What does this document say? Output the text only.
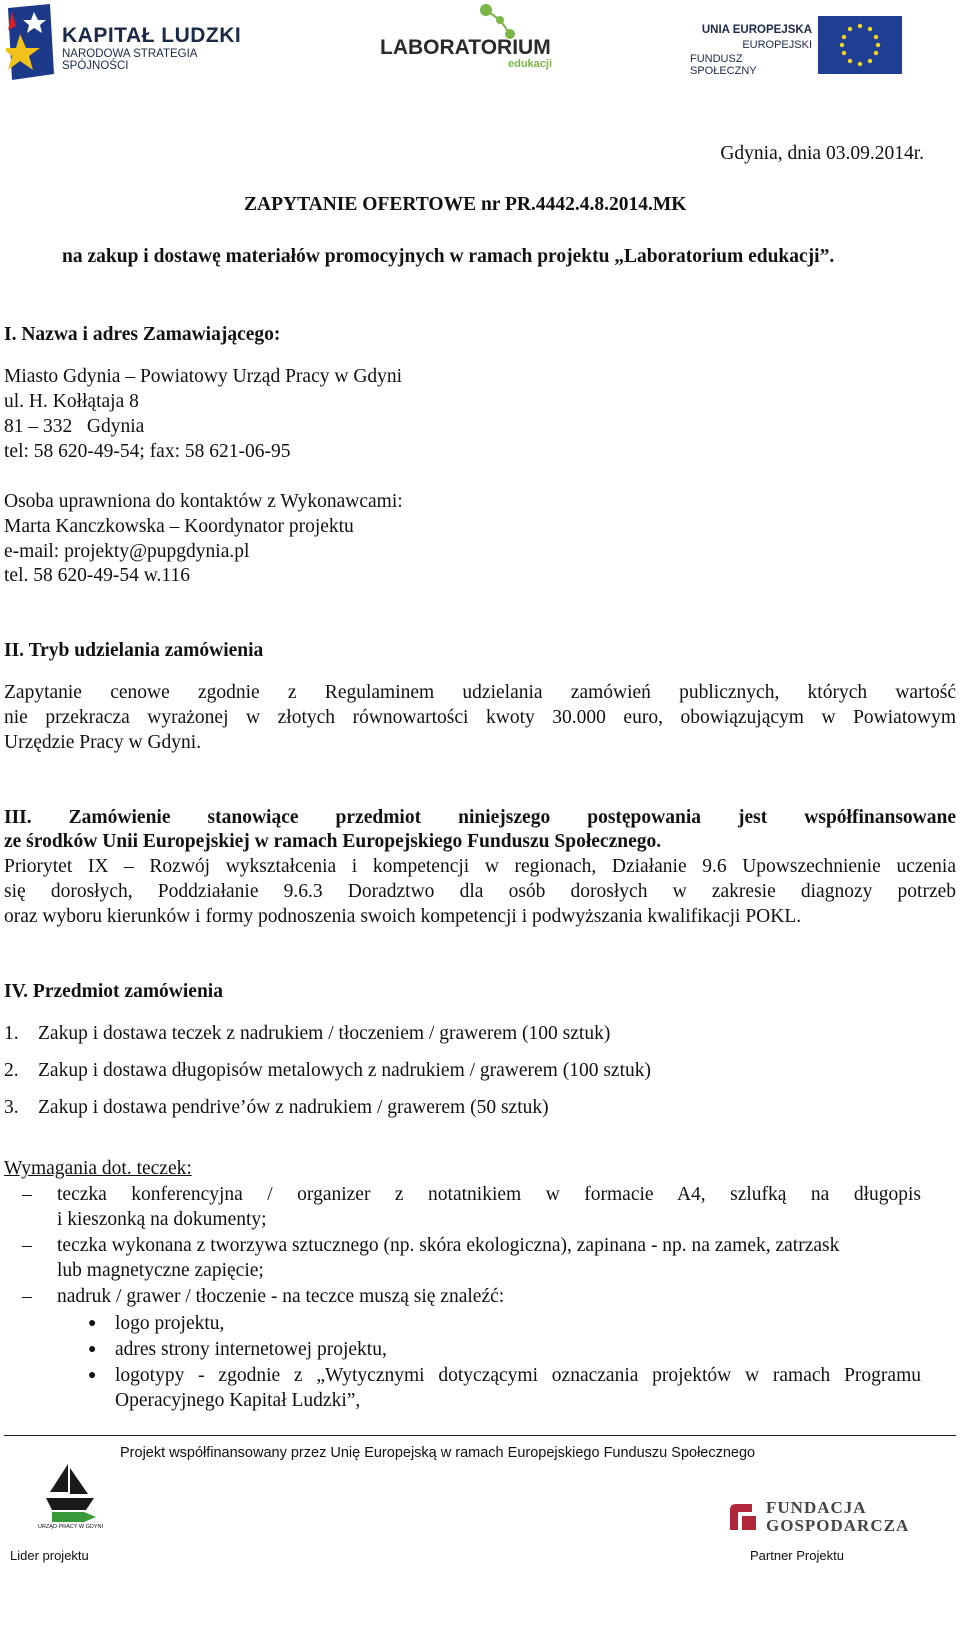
KAPITAŁ LUDZKI
NARODOWA STRATEGIA SPÓJNOŚCI
LABORATORIUM
edukacji
UNIA EUROPEJSKA
EUROPEJSKI
FUNDUSZ SPOŁECZNY
Gdynia, dnia 03.09.2014r.
ZAPYTANIE OFERTOWE nr PR.4442.4.8.2014.MK
na zakup i dostawę materiałów promocyjnych w ramach projektu „Laboratorium edukacji”.
I. Nazwa i adres Zamawiającego:
Miasto Gdynia – Powiatowy Urząd Pracy w Gdyni
ul. H. Kołłątaja 8
81 – 332   Gdynia
tel: 58 620-49-54; fax: 58 621-06-95
Osoba uprawniona do kontaktów z Wykonawcami:
Marta Kanczkowska – Koordynator projektu
e-mail: projekty@pupgdynia.pl
tel. 58 620-49-54 w.116
II. Tryb udzielania zamówienia
Zapytanie cenowe zgodnie z Regulaminem udzielania zamówień publicznych, których wartość
nie przekracza wyrażonej w złotych równowartości kwoty 30.000 euro, obowiązującym w Powiatowym
Urzędzie Pracy w Gdyni.
III. Zamówienie stanowiące przedmiot niniejszego postępowania jest współfinansowane
ze środków Unii Europejskiej w ramach Europejskiego Funduszu Społecznego.
Priorytet IX – Rozwój wykształcenia i kompetencji w regionach, Działanie 9.6 Upowszechnienie uczenia
się dorosłych, Poddziałanie 9.6.3 Doradztwo dla osób dorosłych w zakresie diagnozy potrzeb
oraz wyboru kierunków i formy podnoszenia swoich kompetencji i podwyższania kwalifikacji POKL.
IV. Przedmiot zamówienia
1. Zakup i dostawa teczek z nadrukiem / tłoczeniem / grawerem (100 sztuk)
2. Zakup i dostawa długopisów metalowych z nadrukiem / grawerem (100 sztuk)
3. Zakup i dostawa pendrive’ów z nadrukiem / grawerem (50 sztuk)
Wymagania dot. teczek:
–	teczka konferencyjna / organizer z notatnikiem w formacie A4, szlufką na długopis
i kieszonką na dokumenty;
–	teczka wykonana z tworzywa sztucznego (np. skóra ekologiczna), zapinana - np. na zamek, zatrzask
lub magnetyczne zapięcie;
–	nadruk / grawer / tłoczenie - na teczce muszą się znaleźć:
● logo projektu,
● adres strony internetowej projektu,
● logotypy - zgodnie z „Wytycznymi dotyczącymi oznaczania projektów w ramach Programu
Operacyjnego Kapitał Ludzki”,
Projekt współfinansowany przez Unię Europejską w ramach Europejskiego Funduszu Społecznego
URZĄD PRACY W GDYNI
Lider projektu
FUNDACJA
GOSPODARCZA
Partner Projektu
